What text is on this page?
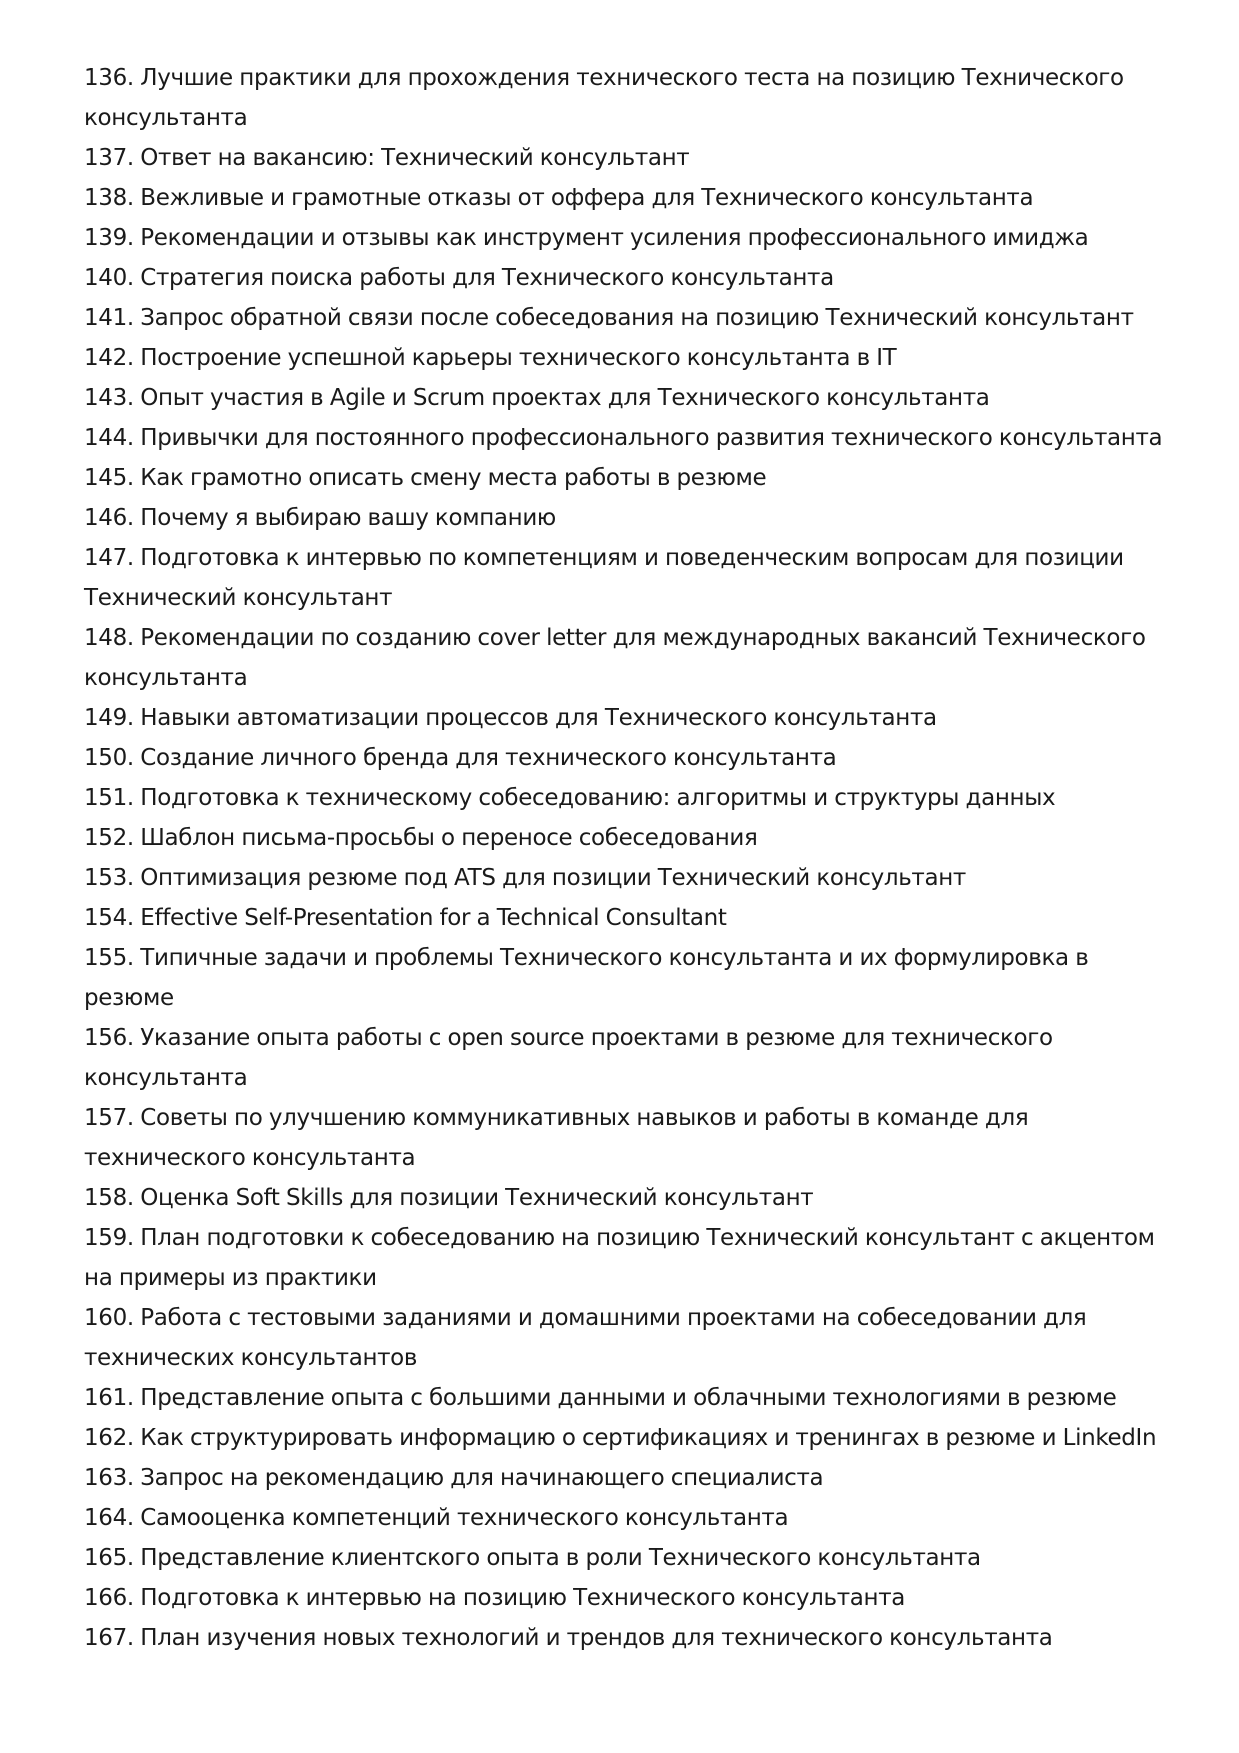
136. Лучшие практики для прохождения технического теста на позицию Технического консультанта
137. Ответ на вакансию: Технический консультант
138. Вежливые и грамотные отказы от оффера для Технического консультанта
139. Рекомендации и отзывы как инструмент усиления профессионального имиджа
140. Стратегия поиска работы для Технического консультанта
141. Запрос обратной связи после собеседования на позицию Технический консультант
142. Построение успешной карьеры технического консультанта в IT
143. Опыт участия в Agile и Scrum проектах для Технического консультанта
144. Привычки для постоянного профессионального развития технического консультанта
145. Как грамотно описать смену места работы в резюме
146. Почему я выбираю вашу компанию
147. Подготовка к интервью по компетенциям и поведенческим вопросам для позиции Технический консультант
148. Рекомендации по созданию cover letter для международных вакансий Технического консультанта
149. Навыки автоматизации процессов для Технического консультанта
150. Создание личного бренда для технического консультанта
151. Подготовка к техническому собеседованию: алгоритмы и структуры данных
152. Шаблон письма-просьбы о переносе собеседования
153. Оптимизация резюме под ATS для позиции Технический консультант
154. Effective Self-Presentation for a Technical Consultant
155. Типичные задачи и проблемы Технического консультанта и их формулировка в резюме
156. Указание опыта работы с open source проектами в резюме для технического консультанта
157. Советы по улучшению коммуникативных навыков и работы в команде для технического консультанта
158. Оценка Soft Skills для позиции Технический консультант
159. План подготовки к собеседованию на позицию Технический консультант с акцентом на примеры из практики
160. Работа с тестовыми заданиями и домашними проектами на собеседовании для технических консультантов
161. Представление опыта с большими данными и облачными технологиями в резюме
162. Как структурировать информацию о сертификациях и тренингах в резюме и LinkedIn
163. Запрос на рекомендацию для начинающего специалиста
164. Самооценка компетенций технического консультанта
165. Представление клиентского опыта в роли Технического консультанта
166. Подготовка к интервью на позицию Технического консультанта
167. План изучения новых технологий и трендов для технического консультанта
